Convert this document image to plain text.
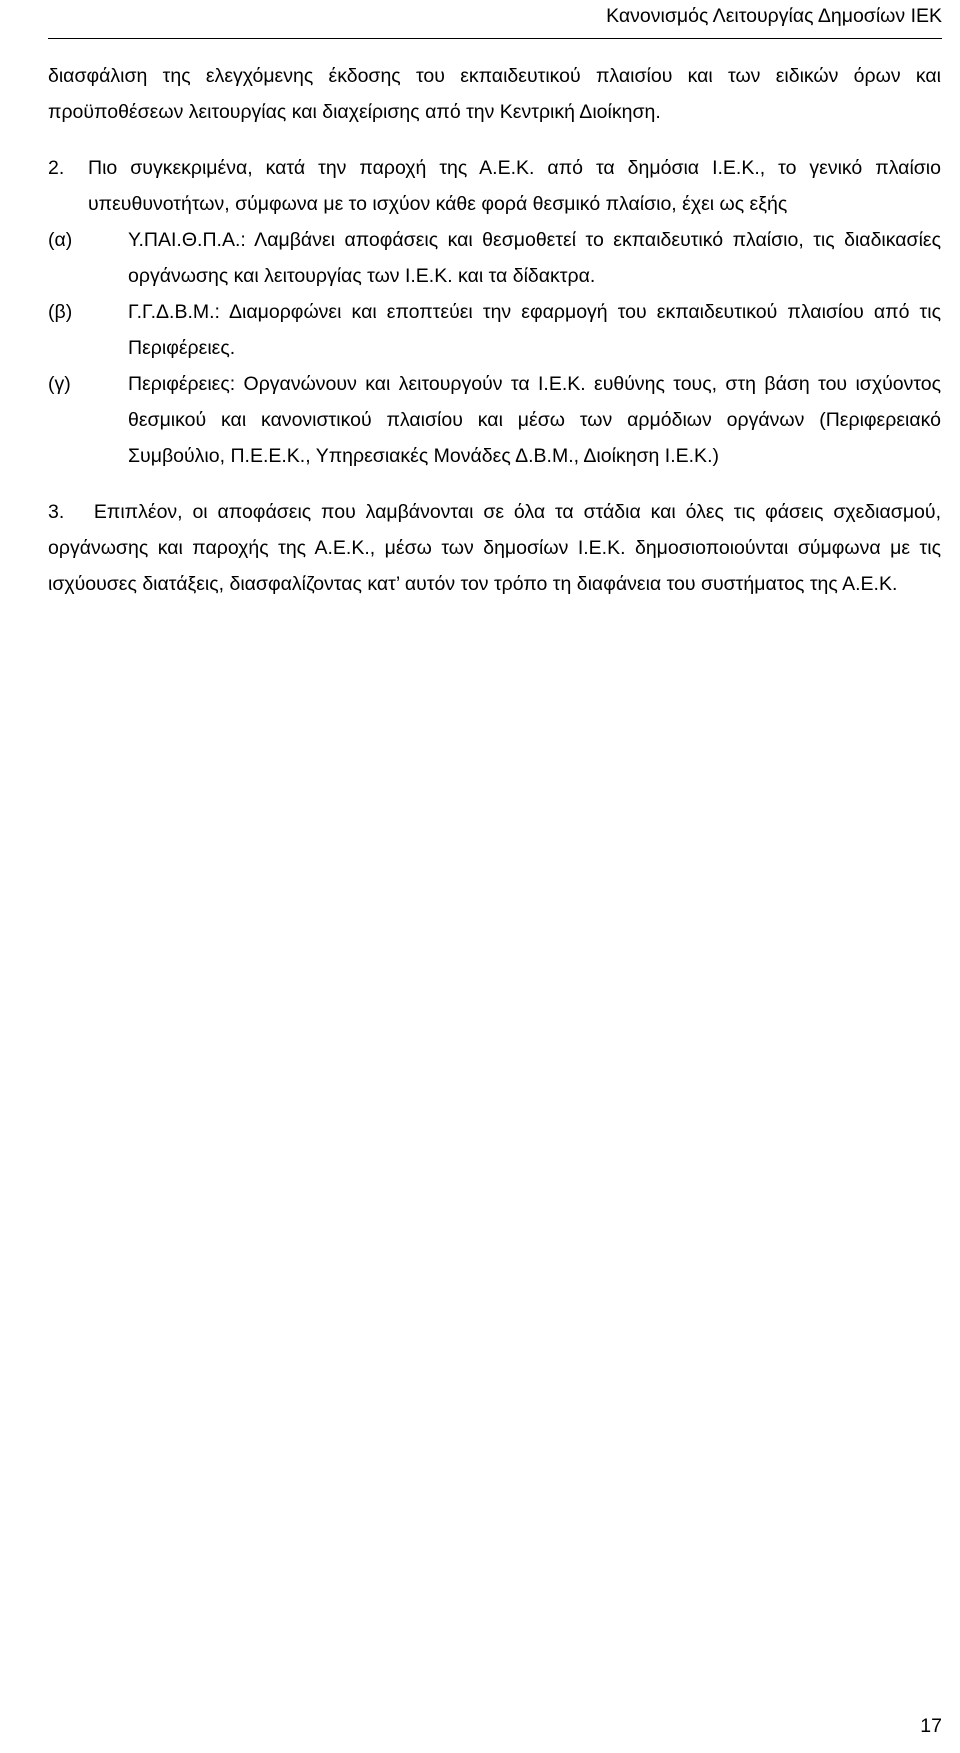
Κανονισμός Λειτουργίας Δημοσίων ΙΕΚ

διασφάλιση της ελεγχόμενης έκδοσης του εκπαιδευτικού πλαισίου και των ειδικών όρων και προϋποθέσεων λειτουργίας και διαχείρισης από την Κεντρική Διοίκηση.

2. Πιο συγκεκριμένα, κατά την παροχή της Α.Ε.Κ. από τα δημόσια Ι.Ε.Κ., το γενικό πλαίσιο υπευθυνοτήτων, σύμφωνα με το ισχύον κάθε φορά θεσμικό πλαίσιο, έχει ως εξής

(α)	Υ.ΠΑΙ.Θ.Π.Α.: Λαμβάνει αποφάσεις και θεσμοθετεί το εκπαιδευτικό πλαίσιο, τις διαδικασίες οργάνωσης και λειτουργίας των Ι.Ε.Κ. και τα δίδακτρα.

(β)	Γ.Γ.Δ.Β.Μ.: Διαμορφώνει και εποπτεύει την εφαρμογή του εκπαιδευτικού πλαισίου από τις Περιφέρειες.

(γ)	Περιφέρειες: Οργανώνουν και λειτουργούν τα Ι.Ε.Κ. ευθύνης τους, στη βάση του ισχύοντος θεσμικού και κανονιστικού πλαισίου και μέσω των αρμόδιων οργάνων (Περιφερειακό Συμβούλιο, Π.Ε.Ε.Κ., Υπηρεσιακές Μονάδες Δ.Β.Μ., Διοίκηση Ι.Ε.Κ.)

3. Επιπλέον, οι αποφάσεις που λαμβάνονται σε όλα τα στάδια και όλες τις φάσεις σχεδιασμού, οργάνωσης και παροχής της Α.Ε.Κ., μέσω των δημοσίων Ι.Ε.Κ. δημοσιοποιούνται σύμφωνα με τις ισχύουσες διατάξεις, διασφαλίζοντας κατ’ αυτόν τον τρόπο τη διαφάνεια του συστήματος της Α.Ε.Κ.

17
